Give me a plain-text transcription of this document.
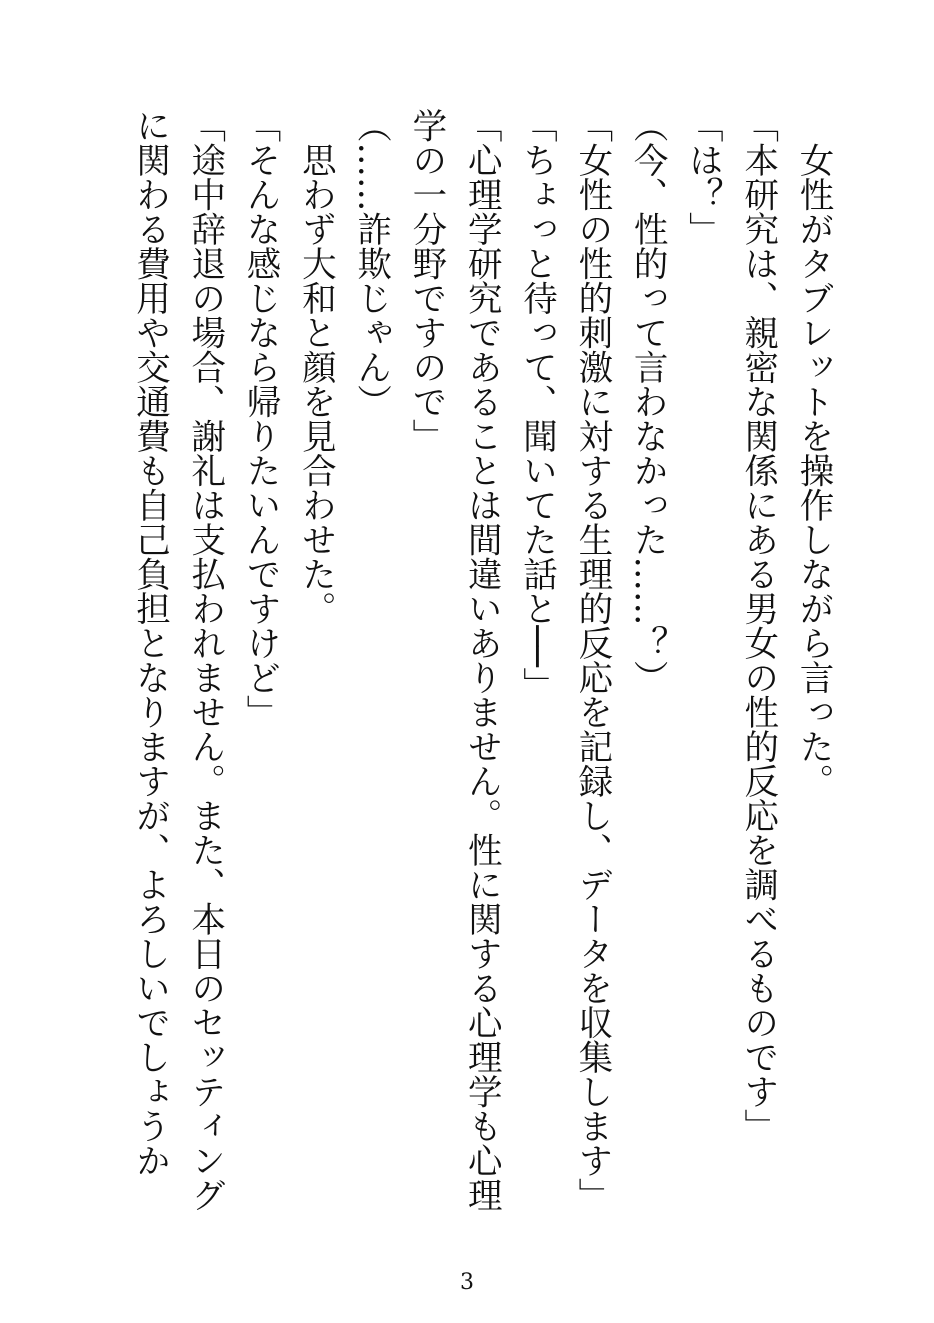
　女性がタブレットを操作しながら言った。
「本研究は、親密な関係にある男女の性的反応を調べるものです」
「は？」
（今、性的って言わなかった……？）
「女性の性的刺激に対する生理的反応を記録し、データを収集します」
「ちょっと待って、聞いてた話と──」
「心理学研究であることは間違いありません。性に関する心理学も心理
学の一分野ですので」
（……詐欺じゃん）
　思わず大和と顔を見合わせた。
「そんな感じなら帰りたいんですけど」
「途中辞退の場合、謝礼は支払われません。また、本日のセッティング
に関わる費用や交通費も自己負担となりますが、よろしいでしょうか
3
